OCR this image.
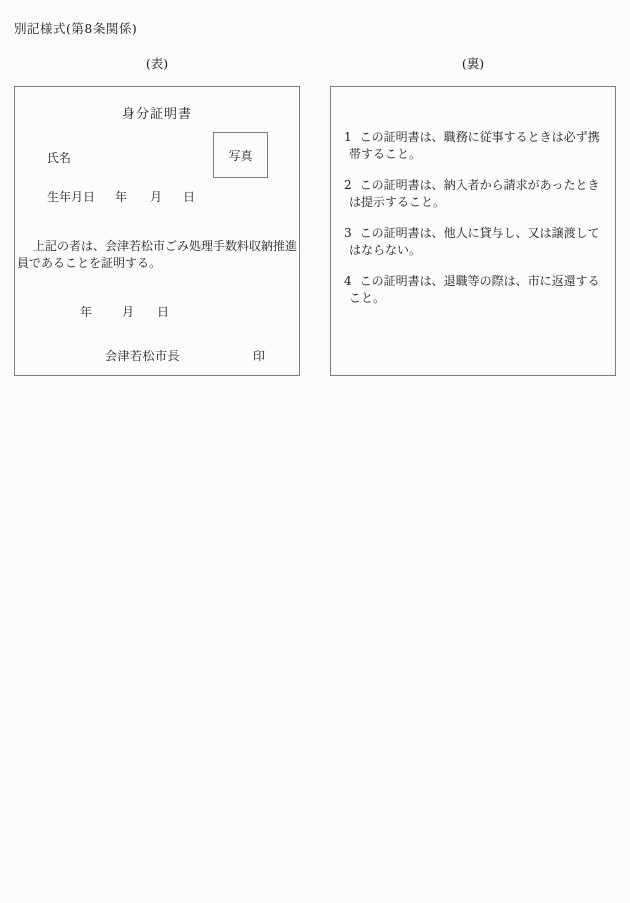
別記様式(第8条関係)
(表)	(裏)
身分証明書
写真
氏名
生年月日 年 月 日
上記の者は、会津若松市ごみ処理手数料収納推進員であることを証明する。
年 月 日
会津若松市長	印
1 この証明書は、職務に従事するときは必ず携帯すること。
2 この証明書は、納入者から請求があったときは提示すること。
3 この証明書は、他人に貸与し、又は譲渡してはならない。
4 この証明書は、退職等の際は、市に返還すること。
